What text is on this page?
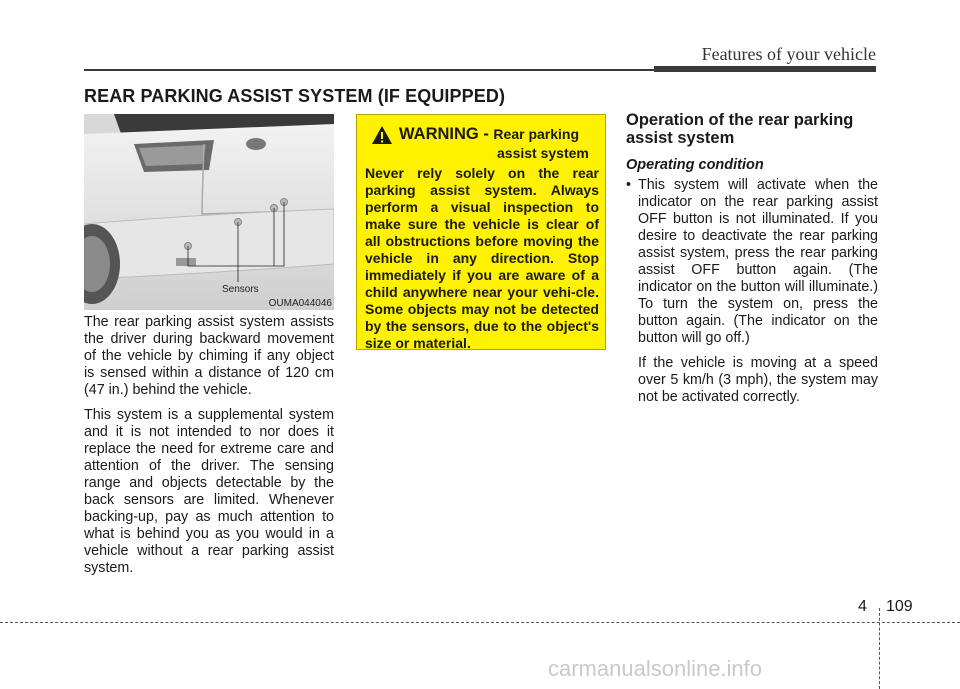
Features of your vehicle
REAR PARKING ASSIST SYSTEM (IF EQUIPPED)
Sensors
OUMA044046

The rear parking assist system assists the driver during backward movement of the vehicle by chiming if any object is sensed within a distance of 120 cm (47 in.) behind the vehicle.

This system is a supplemental system and it is not intended to nor does it replace the need for extreme care and attention of the driver. The sensing range and objects detectable by the back sensors are limited. Whenever backing-up, pay as much attention to what is behind you as you would in a vehicle without a rear parking assist system.

WARNING - Rear parking
assist system
Never rely solely on the rear parking assist system. Always perform a visual inspection to make sure the vehicle is clear of all obstructions before moving the vehicle in any direction. Stop immediately if you are aware of a child anywhere near your vehi-cle. Some objects may not be detected by the sensors, due to the object's size or material.
Operation of the rear parking assist system
Operating condition
• This system will activate when the indicator on the rear parking assist OFF button is not illuminated. If you desire to deactivate the rear parking assist system, press the rear parking assist OFF button again. (The indicator on the button will illuminate.) To turn the system on, press the button again. (The indicator on the button will go off.)
If the vehicle is moving at a speed over 5 km/h (3 mph), the system may not be activated correctly.
4 109
carmanualsonline.info
